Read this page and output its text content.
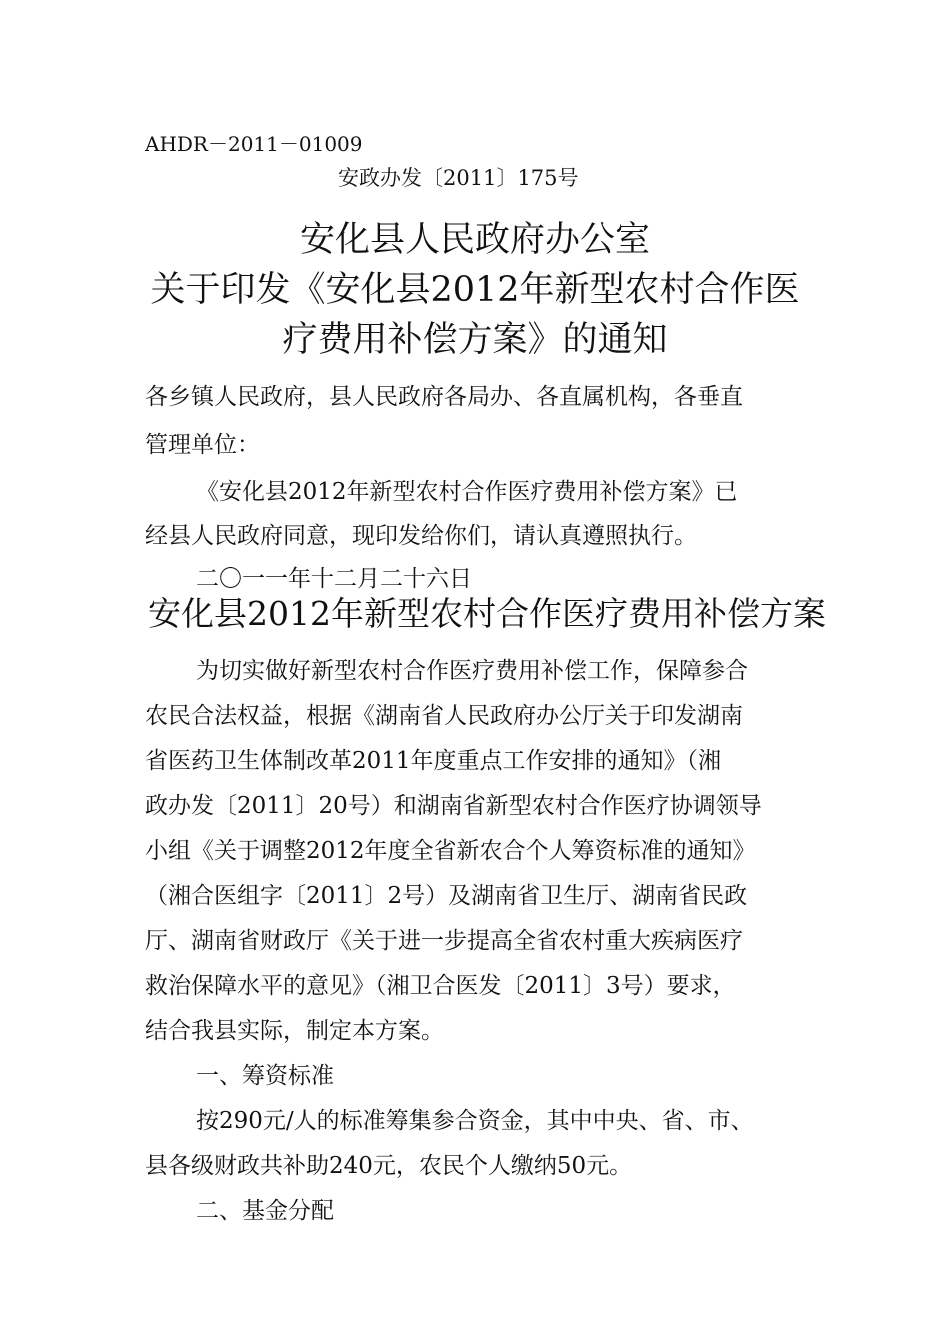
AHDR－2011－01009
安政办发〔2011〕175号
安化县人民政府办公室
关于印发《安化县2012年新型农村合作医
疗费用补偿方案》的通知
各乡镇人民政府，县人民政府各局办、各直属机构，各垂直
管理单位：
《安化县2012年新型农村合作医疗费用补偿方案》已
经县人民政府同意，现印发给你们，请认真遵照执行。
二〇一一年十二月二十六日
安化县2012年新型农村合作医疗费用补偿方案
为切实做好新型农村合作医疗费用补偿工作，保障参合
农民合法权益，根据《湖南省人民政府办公厅关于印发湖南
省医药卫生体制改革2011年度重点工作安排的通知》（湘
政办发〔2011〕20号）和湖南省新型农村合作医疗协调领导
小组《关于调整2012年度全省新农合个人筹资标准的通知》
（湘合医组字〔2011〕2号）及湖南省卫生厅、湖南省民政
厅、湖南省财政厅《关于进一步提高全省农村重大疾病医疗
救治保障水平的意见》（湘卫合医发〔2011〕3号）要求，
结合我县实际，制定本方案。
一、筹资标准
按290元/人的标准筹集参合资金，其中中央、省、市、
县各级财政共补助240元，农民个人缴纳50元。
二、基金分配
